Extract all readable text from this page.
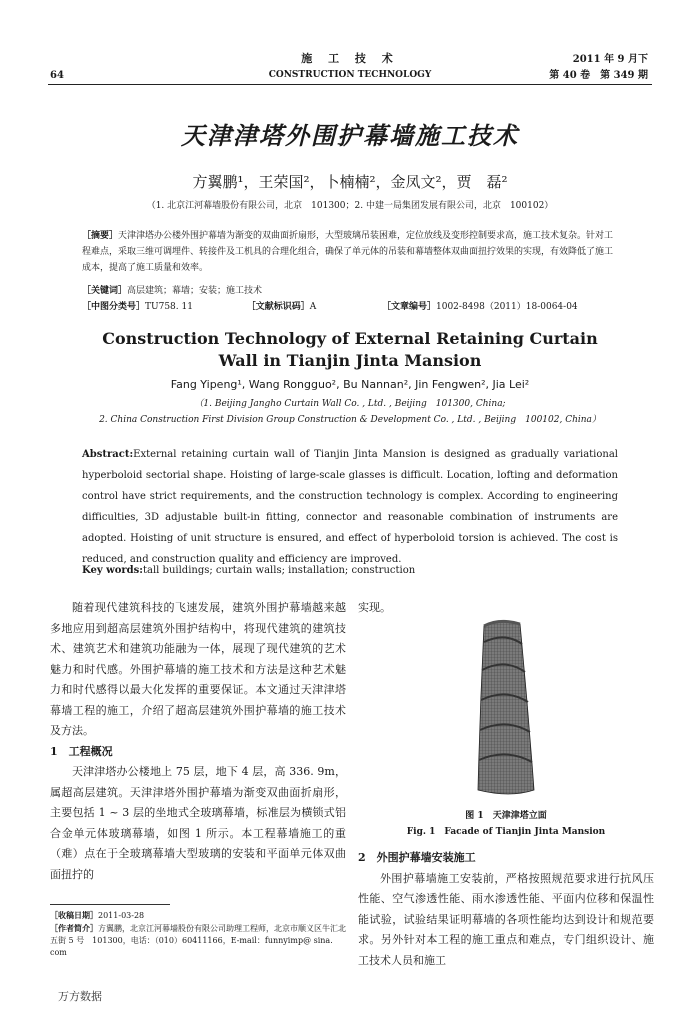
64
施 工 技 术
CONSTRUCTION TECHNOLOGY
2011 年 9 月下
第 40 卷　第 349 期
天津津塔外围护幕墙施工技术
方翼鹏¹，王荣国²，卜楠楠²，金凤文²，贾　磊²
（1. 北京江河幕墙股份有限公司，北京　101300；2. 中建一局集团发展有限公司，北京　100102）
［摘要］天津津塔办公楼外围护幕墙为渐变的双曲面折扇形，大型玻璃吊装困难，定位放线及变形控制要求高，施工技术复杂。针对工程难点，采取三维可调埋件、转接件及工机具的合理化组合，确保了单元体的吊装和幕墙整体双曲面扭拧效果的实现，有效降低了施工成本，提高了施工质量和效率。
［关键词］高层建筑；幕墙；安装；施工技术
［中图分类号］TU758. 11	［文献标识码］A	［文章编号］1002-8498（2011）18-0064-04
Construction Technology of External Retaining Curtain
Wall in Tianjin Jinta Mansion
Fang Yipeng¹, Wang Rongguo², Bu Nannan², Jin Fengwen², Jia Lei²
（1. Beijing Jangho Curtain Wall Co. , Ltd. , Beijing　101300, China;
2. China Construction First Division Group Construction & Development Co. , Ltd. , Beijing　100102, China）
Abstract:External retaining curtain wall of Tianjin Jinta Mansion is designed as gradually variational hyperboloid sectorial shape. Hoisting of large-scale glasses is difficult. Location, lofting and deformation control have strict requirements, and the construction technology is complex. According to engineering difficulties, 3D adjustable built-in fitting, connector and reasonable combination of instruments are adopted. Hoisting of unit structure is ensured, and effect of hyperboloid torsion is achieved. The cost is reduced, and construction quality and efficiency are improved.
Key words:tall buildings; curtain walls; installation; construction

随着现代建筑科技的飞速发展，建筑外围护幕墙越来越多地应用到超高层建筑外围护结构中，将现代建筑的建筑技术、建筑艺术和建筑功能融为一体，展现了现代建筑的艺术魅力和时代感。外围护幕墙的施工技术和方法是这种艺术魅力和时代感得以最大化发挥的重要保证。本文通过天津津塔幕墙工程的施工，介绍了超高层建筑外围护幕墙的施工技术及方法。

1　工程概况

天津津塔办公楼地上 75 层，地下 4 层，高 336. 9m，属超高层建筑。天津津塔外围护幕墙为渐变双曲面折扇形，主要包括 1 ~ 3 层的坐地式全玻璃幕墙，标准层为横锁式铝合金单元体玻璃幕墙，如图 1 所示。本工程幕墙施工的重（难）点在于全玻璃幕墙大型玻璃的安装和平面单元体双曲面扭拧的

［收稿日期］2011-03-28
［作者简介］方翼鹏，北京江河幕墙股份有限公司助理工程师，北京市顺义区牛汇北五街 5 号　101300，电话：（010）60411166，E-mail：funnyimp@ sina. com
实现。
图 1　天津津塔立面
Fig. 1　Facade of Tianjin Jinta Mansion

2　外围护幕墙安装施工

外围护幕墙施工安装前，严格按照规范要求进行抗风压性能、空气渗透性能、雨水渗透性能、平面内位移和保温性能试验，试验结果证明幕墙的各项性能均达到设计和规范要求。另外针对本工程的施工重点和难点，专门组织设计、施工技术人员和施工

万方数据
